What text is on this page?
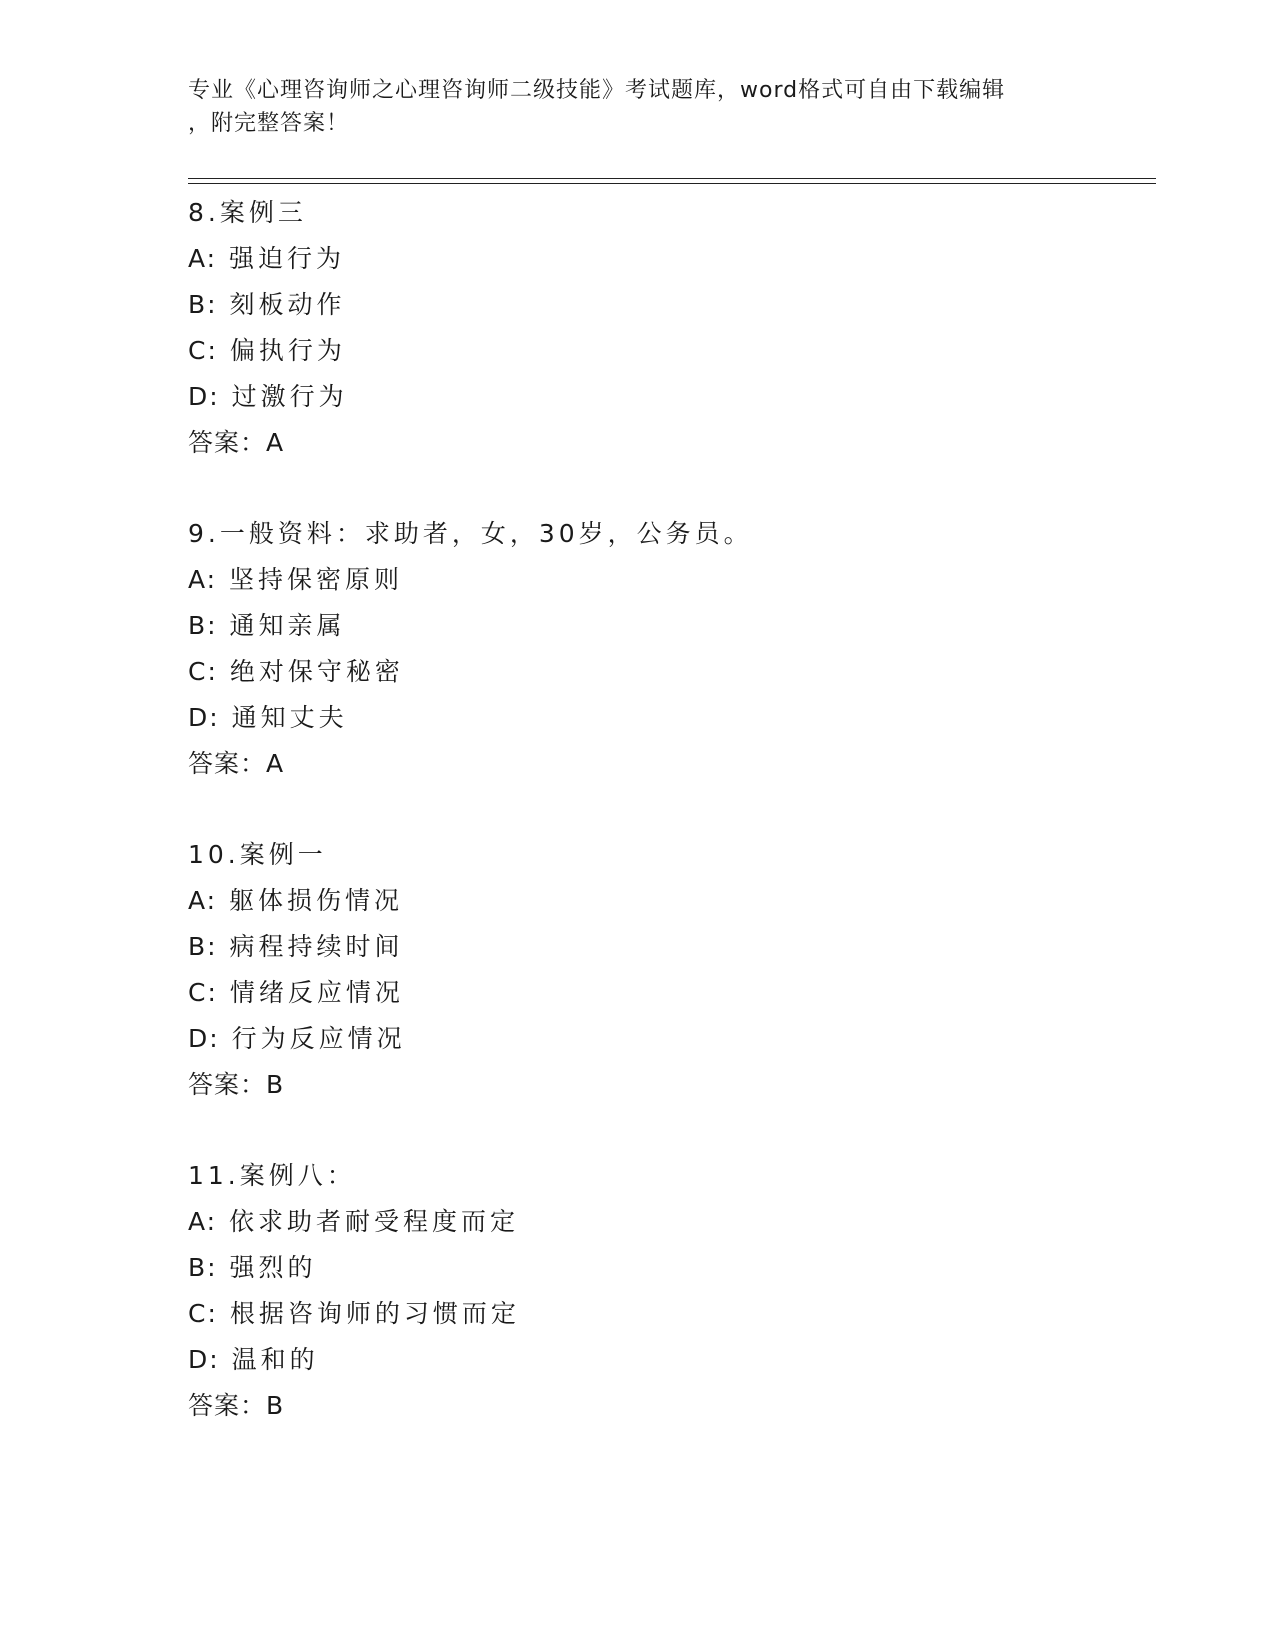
专业《心理咨询师之心理咨询师二级技能》考试题库，word格式可自由下载编辑
，附完整答案！
8.案例三
A: 强迫行为
B: 刻板动作
C: 偏执行为
D: 过激行为
答案：A
9.一般资料：求助者，女，30岁，公务员。
A: 坚持保密原则
B: 通知亲属
C: 绝对保守秘密
D: 通知丈夫
答案：A
10.案例一
A: 躯体损伤情况
B: 病程持续时间
C: 情绪反应情况
D: 行为反应情况
答案：B
11.案例八：
A: 依求助者耐受程度而定
B: 强烈的
C: 根据咨询师的习惯而定
D: 温和的
答案：B
